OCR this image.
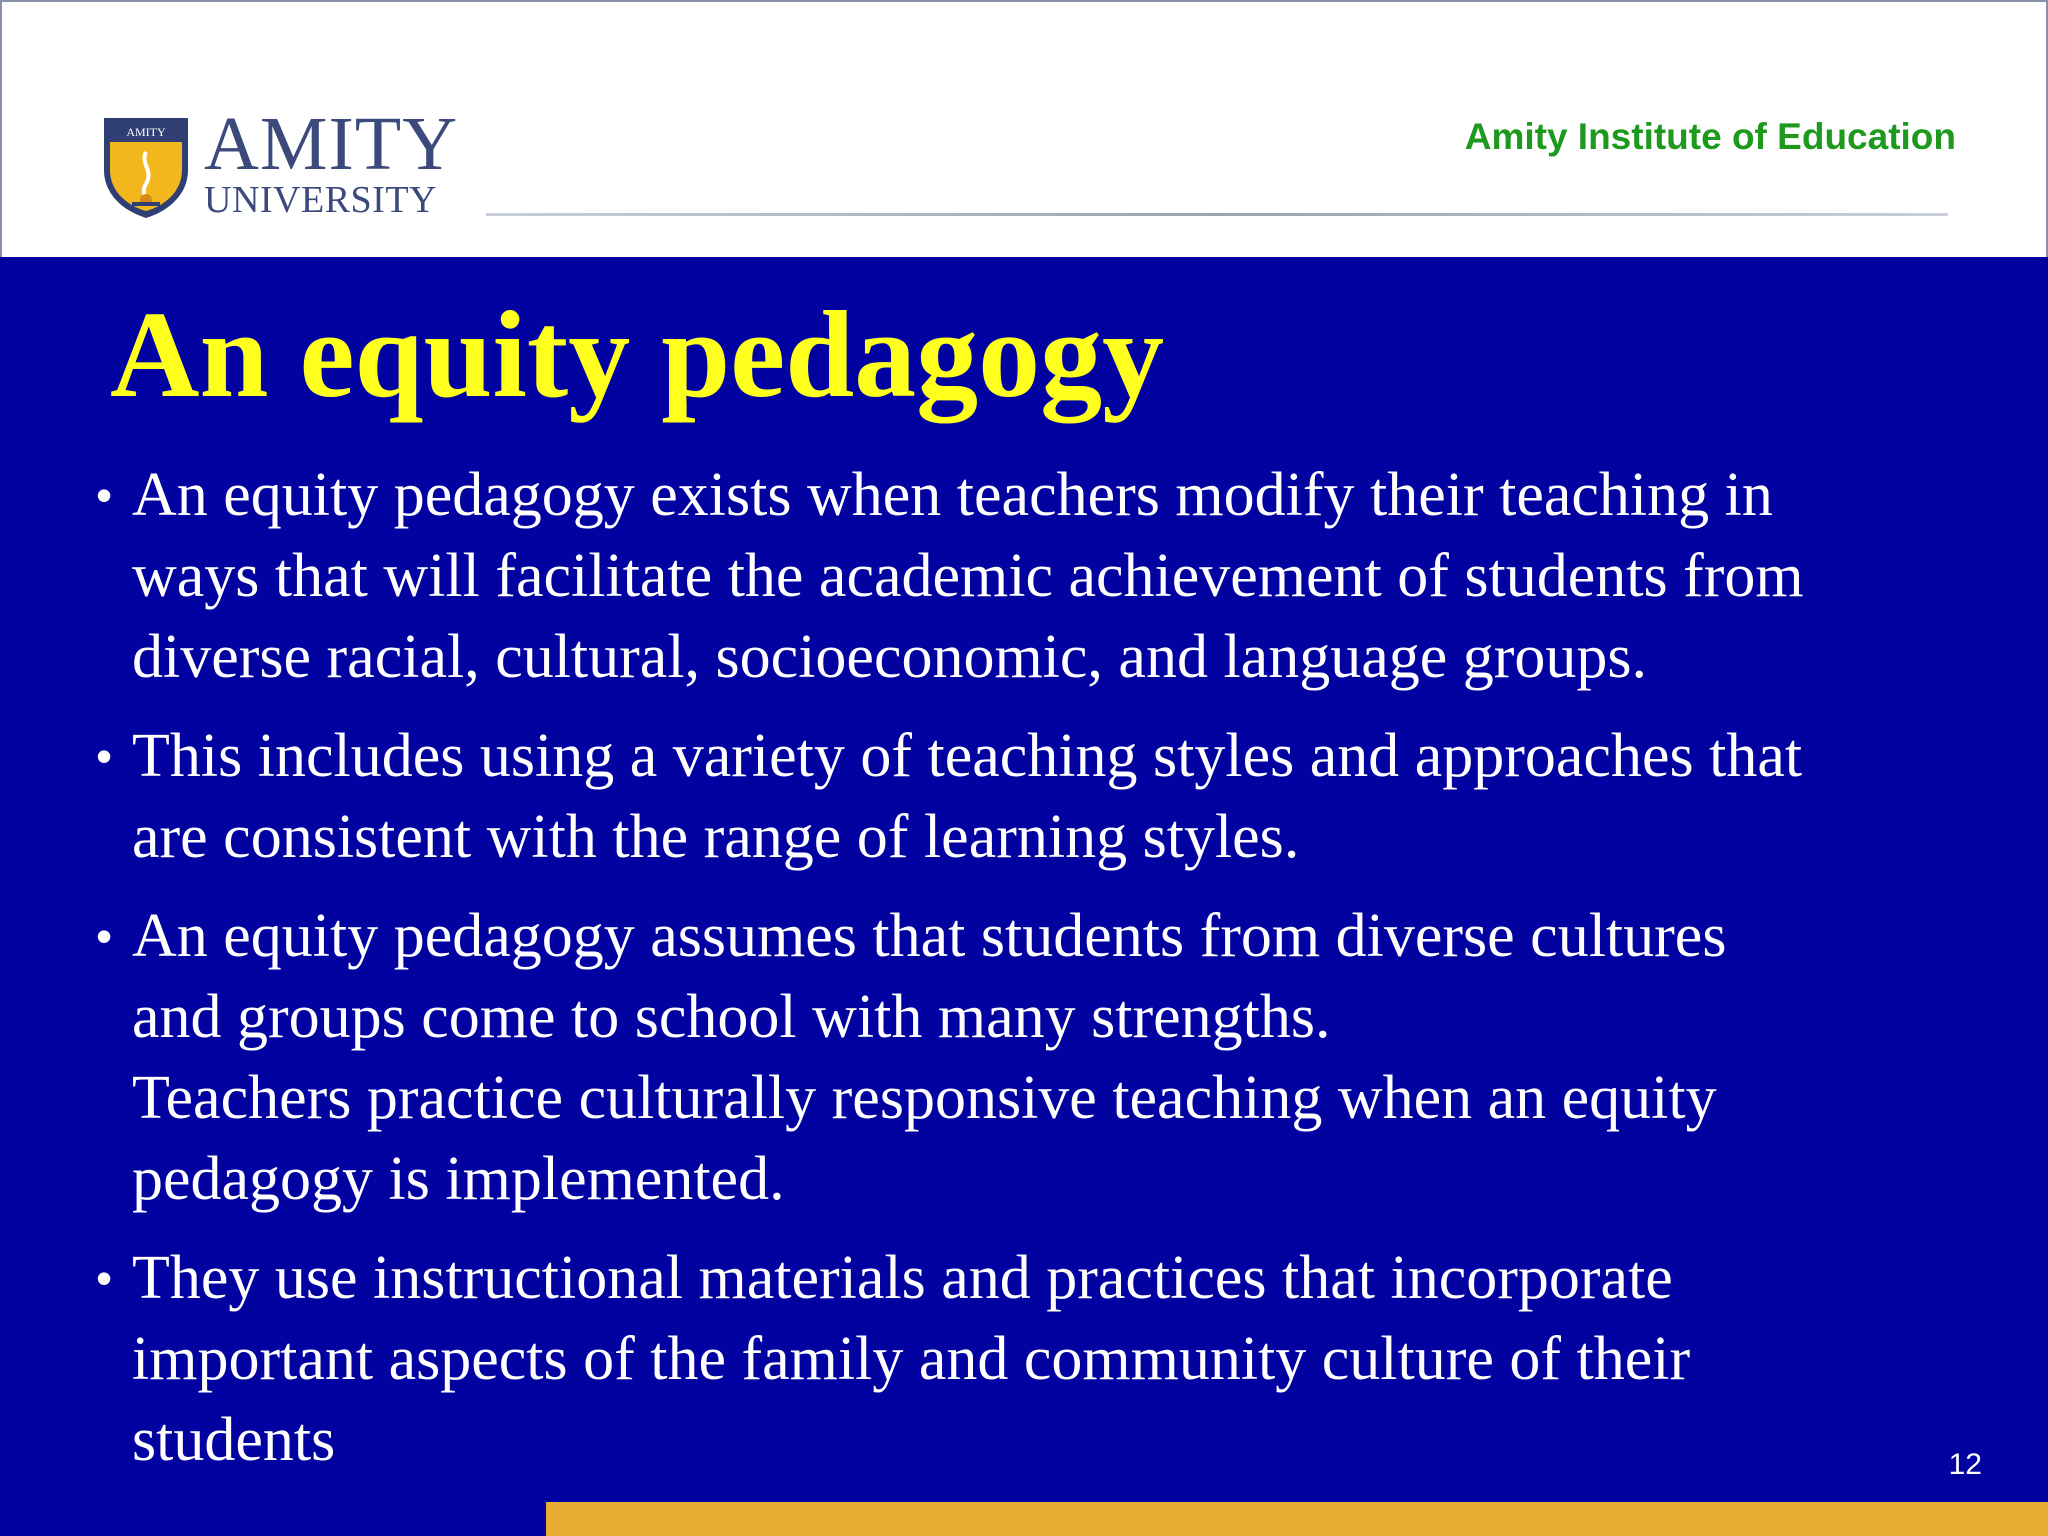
AMITY AMITY
UNIVERSITY
Amity Institute of Education
An equity pedagogy
• An equity pedagogy exists when teachers modify their teaching in
ways that will facilitate the academic achievement of students from
diverse racial, cultural, socioeconomic, and language groups.
• This includes using a variety of teaching styles and approaches that
are consistent with the range of learning styles.
• An equity pedagogy assumes that students from diverse cultures
and groups come to school with many strengths.
Teachers practice culturally responsive teaching when an equity
pedagogy is implemented.
• They use instructional materials and practices that incorporate
important aspects of the family and community culture of their
students	12
